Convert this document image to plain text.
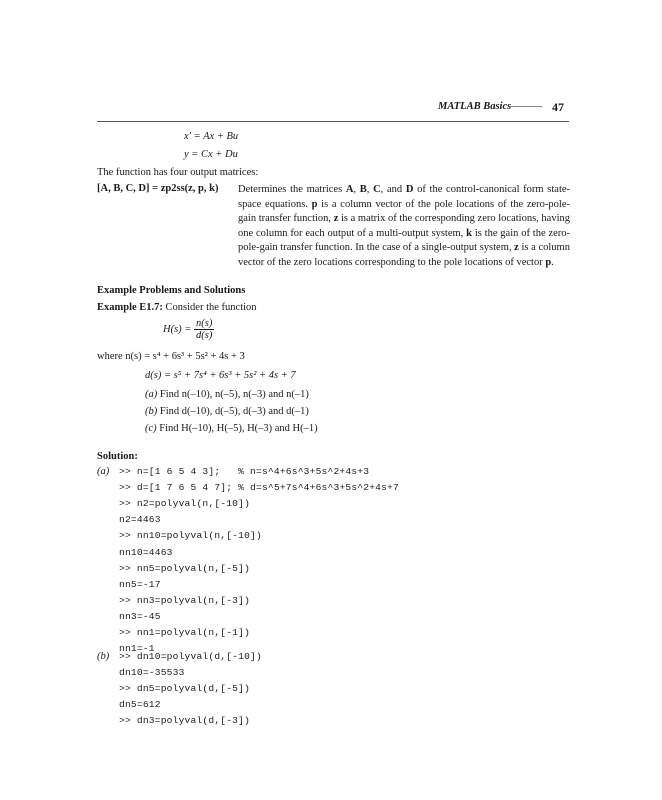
MATLAB Basics ——— 47
x′ = Ax + Bu
y = Cx + Du
The function has four output matrices:
[A, B, C, D] = zp2ss(z, p, k) Determines the matrices A, B, C, and D of the control-canonical form state-space equations. p is a column vector of the pole locations of the zero-pole-gain transfer function, z is a matrix of the corresponding zero locations, having one column for each output of a multi-output system, k is the gain of the zero-pole-gain transfer function. In the case of a single-output system, z is a column vector of the zero locations corresponding to the pole locations of vector p.
Example Problems and Solutions
Example E1.7: Consider the function
$H(s) = \frac{n(s)}{d(s)}$
where n(s) = s⁴ + 6s³ + 5s² + 4s + 3
d(s) = s⁵ + 7s⁴ + 6s³ + 5s² + 4s + 7
(a) Find n(–10), n(–5), n(–3) and n(–1)
(b) Find d(–10), d(–5), d(–3) and d(–1)
(c) Find H(–10), H(–5), H(–3) and H(–1)
Solution:
(a)
(b)
>> n=[1 6 5 4 3];   % n=s^4+6s^3+5s^2+4s+3
>> d=[1 7 6 5 4 7]; % d=s^5+7s^4+6s^3+5s^2+4s+7
>> n2=polyval(n,[-10])
n2=4463
>> nn10=polyval(n,[-10])
nn10=4463
>> nn5=polyval(n,[-5])
nn5=-17
>> nn3=polyval(n,[-3])
nn3=-45
>> nn1=polyval(n,[-1])
nn1=-1
>> dn10=polyval(d,[-10])
dn10=-35533
>> dn5=polyval(d,[-5])
dn5=612
>> dn3=polyval(d,[-3])
